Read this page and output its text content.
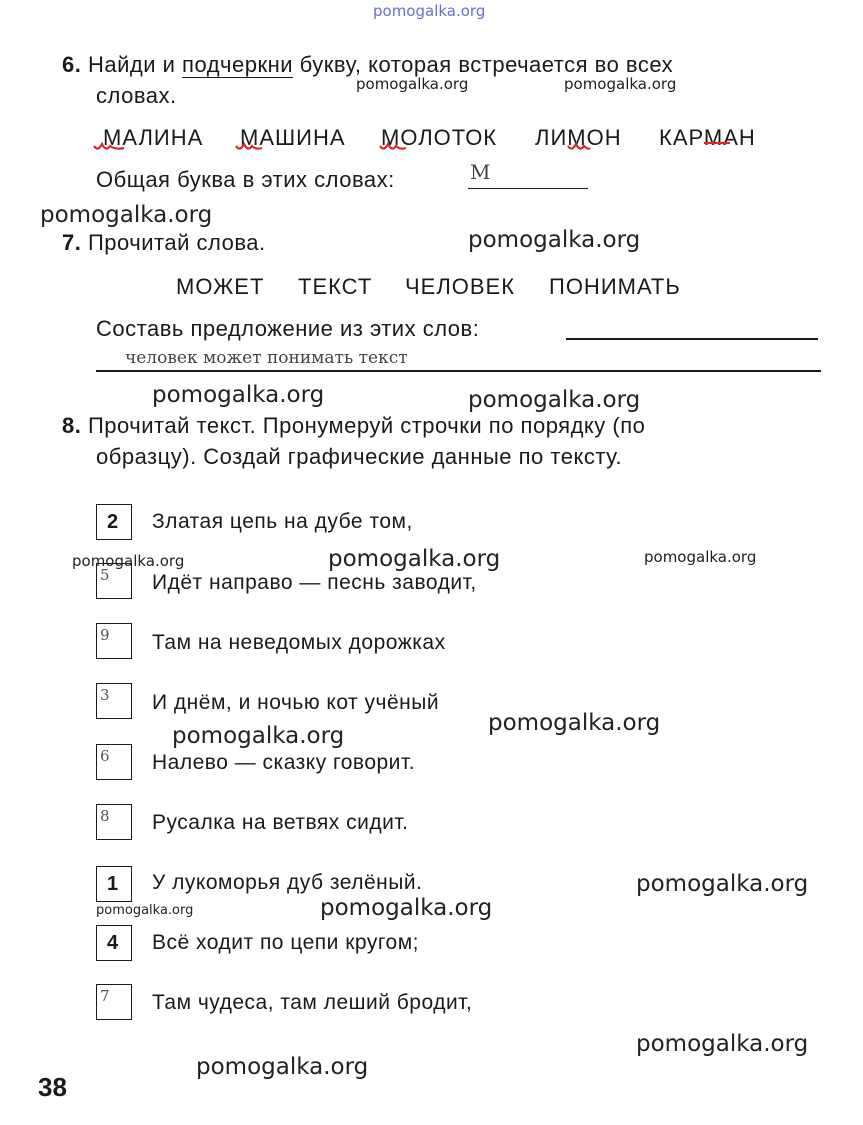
pomogalka.org
6. Найди и подчеркни букву, которая встречается во всех
словах.
МАЛИНА МАШИНА МОЛОТОК ЛИМОН КАРМАН
Общая буква в этих словах:	М
7. Прочитай слова.
МОЖЕТ ТЕКСТ ЧЕЛОВЕК ПОНИМАТЬ
Составь предложение из этих слов:
человек может понимать текст
8. Прочитай текст. Пронумеруй строчки по порядку (по
образцу). Создай графические данные по тексту.
2 Златая цепь на дубе том,
5 Идёт направо — песнь заводит,
9 Там на неведомых дорожках
3 И днём, и ночью кот учёный
6 Налево — сказку говорит.
8 Русалка на ветвях сидит.
1 У лукоморья дуб зелёный.
4 Всё ходит по цепи кругом;
7 Там чудеса, там леший бродит,
38
pomogalka.org	pomogalka.org
pomogalka.org
pomogalka.org
pomogalka.org	pomogalka.org
pomogalka.org	pomogalka.org	pomogalka.org
pomogalka.org
pomogalka.org
pomogalka.org
pomogalka.org	pomogalka.org
pomogalka.org
pomogalka.org
